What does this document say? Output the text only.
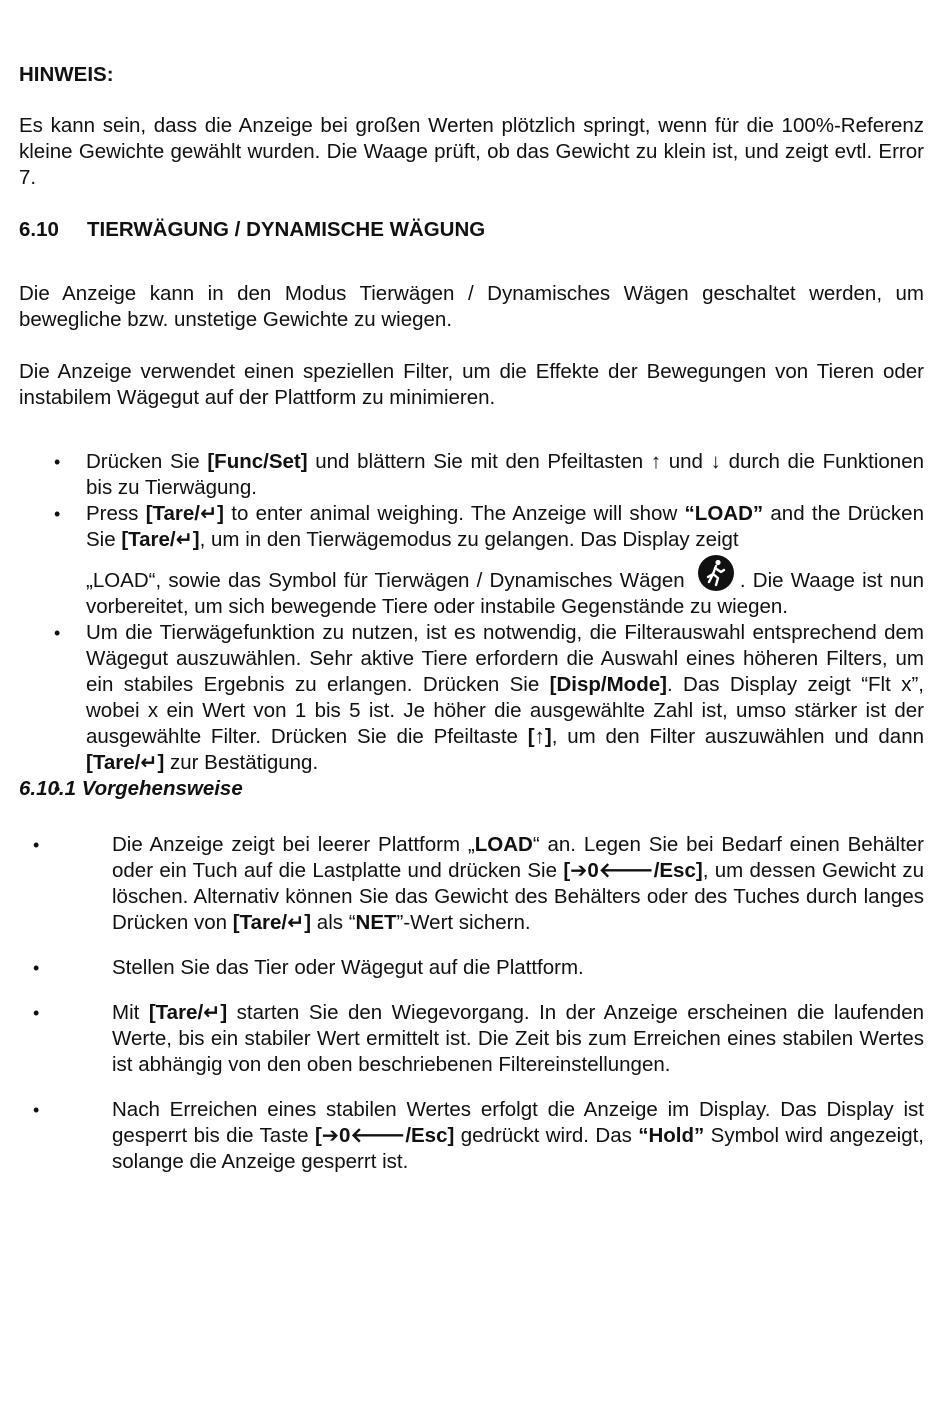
HINWEIS:

Es kann sein, dass die Anzeige bei großen Werten plötzlich springt, wenn für die 100%-Referenz kleine Gewichte gewählt wurden. Die Waage prüft, ob das Gewicht zu klein ist, und zeigt evtl. Error 7.

6.10 TIERWÄGUNG / DYNAMISCHE WÄGUNG

Die Anzeige kann in den Modus Tierwägen / Dynamisches Wägen geschaltet werden, um bewegliche bzw. unstetige Gewichte zu wiegen.

Die Anzeige verwendet einen speziellen Filter, um die Effekte der Bewegungen von Tieren oder instabilem Wägegut auf der Plattform zu minimieren.

• Drücken Sie [Func/Set] und blättern Sie mit den Pfeiltasten ↑ und ↓ durch die Funktionen bis zu Tierwägung.
• Press [Tare/↵] to enter animal weighing. The Anzeige will show “LOAD” and the Drücken Sie [Tare/↵], um in den Tierwägemodus zu gelangen. Das Display zeigt
„LOAD“, sowie das Symbol für Tierwägen / Dynamisches Wägen . Die Waage ist nun vorbereitet, um sich bewegende Tiere oder instabile Gegenstände zu wiegen.
• Um die Tierwägefunktion zu nutzen, ist es notwendig, die Filterauswahl entsprechend dem Wägegut auszuwählen. Sehr aktive Tiere erfordern die Auswahl eines höheren Filters, um ein stabiles Ergebnis zu erlangen. Drücken Sie [Disp/Mode]. Das Display zeigt “Flt x”, wobei x ein Wert von 1 bis 5 ist. Je höher die ausgewählte Zahl ist, umso stärker ist der ausgewählte Filter. Drücken Sie die Pfeiltaste [↑], um den Filter auszuwählen und dann [Tare/↵] zur Bestätigung.

6.10.1 Vorgehensweise

• Die Anzeige zeigt bei leerer Plattform „LOAD“ an. Legen Sie bei Bedarf einen Behälter oder ein Tuch auf die Lastplatte und drücken Sie [➔0🡐/Esc], um dessen Gewicht zu löschen. Alternativ können Sie das Gewicht des Behälters oder des Tuches durch langes Drücken von [Tare/↵] als “NET”-Wert sichern.
• Stellen Sie das Tier oder Wägegut auf die Plattform.
• Mit [Tare/↵] starten Sie den Wiegevorgang. In der Anzeige erscheinen die laufenden Werte, bis ein stabiler Wert ermittelt ist. Die Zeit bis zum Erreichen eines stabilen Wertes ist abhängig von den oben beschriebenen Filtereinstellungen.
• Nach Erreichen eines stabilen Wertes erfolgt die Anzeige im Display. Das Display ist gesperrt bis die Taste [➔0🡐/Esc] gedrückt wird. Das “Hold” Symbol wird angezeigt, solange die Anzeige gesperrt ist.
